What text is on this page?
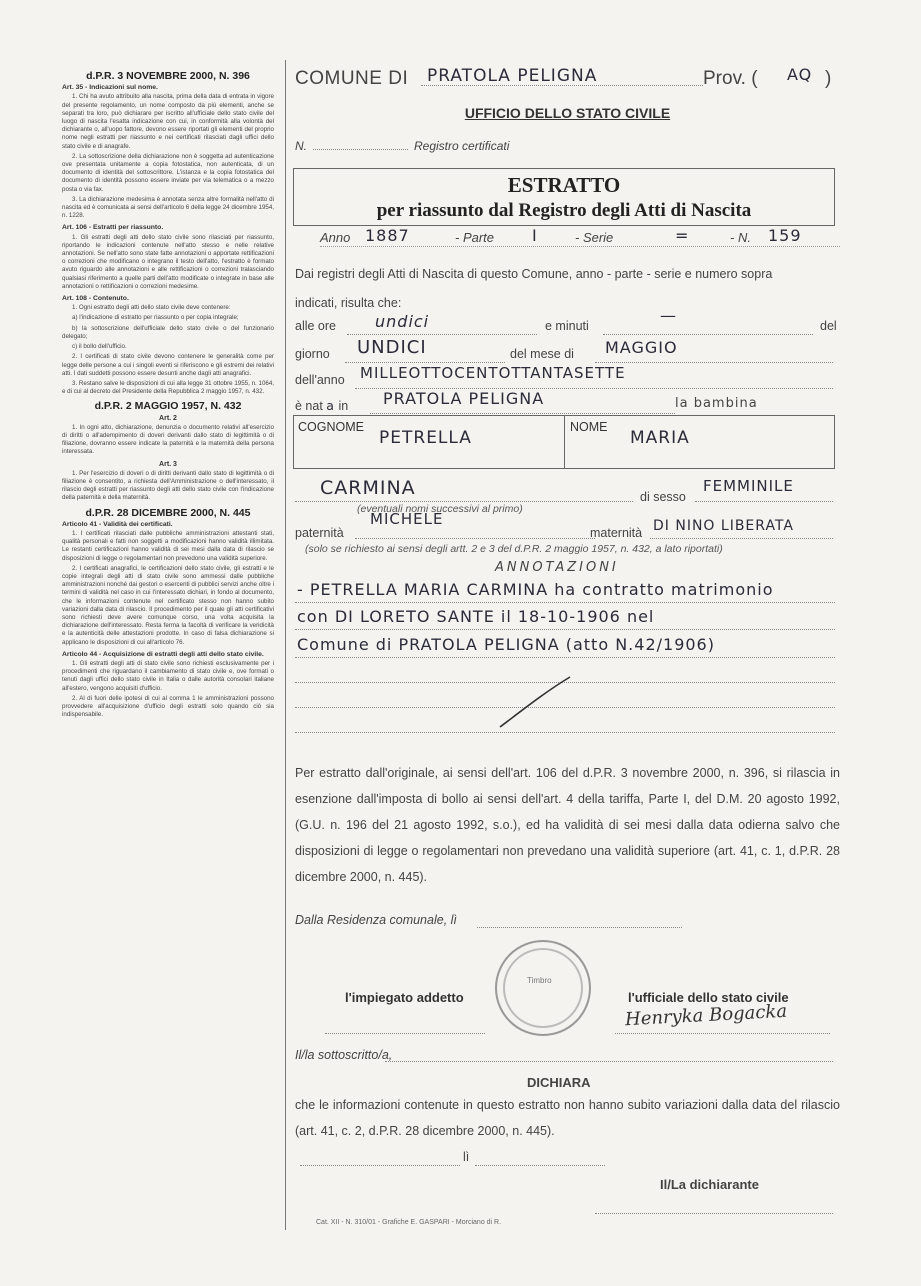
d.P.R. 3 NOVEMBRE 2000, N. 396
Art. 35 - Indicazioni sul nome.

1. Chi ha avuto attribuito alla nascita, prima della data di entrata in vigore del presente regolamento, un nome composto da più elementi, anche se separati tra loro, può dichiarare per iscritto all'ufficiale dello stato civile del luogo di nascita l'esatta indicazione con cui, in conformità alla volontà del dichiarante o, all'uopo fattore, devono essere riportati gli elementi del proprio nome negli estratti per riassunto e nei certificati rilasciati dagli uffici dello stato civile e di anagrafe.

2. La sottoscrizione della dichiarazione non è soggetta ad autenticazione ove presentata unitamente a copia fotostatica, non autenticata, di un documento di identità del sottoscrittore. L'istanza e la copia fotostatica del documento di identità possono essere inviate per via telematica o a mezzo posta o via fax.

3. La dichiarazione medesima è annotata senza altre formalità nell'atto di nascita ed è comunicata ai sensi dell'articolo 6 della legge 24 dicembre 1954, n. 1228.

Art. 106 - Estratti per riassunto.

1. Gli estratti degli atti dello stato civile sono rilasciati per riassunto, riportando le indicazioni contenute nell'atto stesso e nelle relative annotazioni. Se nell'atto sono state fatte annotazioni o apportate rettificazioni o correzioni che modificano o integrano il testo dell'atto, l'estratto è formato avuto riguardo alle annotazioni e alle rettificazioni o correzioni tralasciando qualsiasi riferimento a quelle parti dell'atto modificate o integrate in base alle annotazioni o rettificazioni o correzioni medesime.

Art. 108 - Contenuto.

1. Ogni estratto degli atti dello stato civile deve contenere:

a) l'indicazione di estratto per riassunto o per copia integrale;

b) la sottoscrizione dell'ufficiale dello stato civile o del funzionario delegato;

c) il bollo dell'ufficio.

2. I certificati di stato civile devono contenere le generalità come per legge delle persone a cui i singoli eventi si riferiscono e gli estremi dei relativi atti. I dati suddetti possono essere desunti anche dagli atti anagrafici.

3. Restano salve le disposizioni di cui alla legge 31 ottobre 1955, n. 1064, e di cui al decreto del Presidente della Repubblica 2 maggio 1957, n. 432.

d.P.R. 2 MAGGIO 1957, N. 432
Art. 2

1. In ogni atto, dichiarazione, denunzia o documento relativi all'esercizio di diritti o all'adempimento di doveri derivanti dallo stato di legittimità o di filiazione, dovranno essere indicate la paternità e la maternità della persona interessata.

Art. 3

1. Per l'esercizio di doveri o di diritti derivanti dallo stato di legittimità o di filiazione è consentito, a richiesta dell'Amministrazione o dell'interessato, il rilascio degli estratti per riassunto degli atti dello stato civile con l'indicazione della paternità e della maternità.

d.P.R. 28 DICEMBRE 2000, N. 445
Articolo 41 - Validità dei certificati.

1. I certificati rilasciati dalle pubbliche amministrazioni attestanti stati, qualità personali e fatti non soggetti a modificazioni hanno validità illimitata. Le restanti certificazioni hanno validità di sei mesi dalla data di rilascio se disposizioni di legge o regolamentari non prevedono una validità superiore.

2. I certificati anagrafici, le certificazioni dello stato civile, gli estratti e le copie integrali degli atti di stato civile sono ammessi dalle pubbliche amministrazioni nonché dai gestori o esercenti di pubblici servizi anche oltre i termini di validità nel caso in cui l'interessato dichiari, in fondo al documento, che le informazioni contenute nel certificato stesso non hanno subito variazioni dalla data di rilascio. Il procedimento per il quale gli atti certificativi sono richiesti deve avere comunque corso, una volta acquisita la dichiarazione dell'interessato. Resta ferma la facoltà di verificare la veridicità e la autenticità delle attestazioni prodotte. In caso di falsa dichiarazione si applicano le disposizioni di cui all'articolo 76.

Articolo 44 - Acquisizione di estratti degli atti dello stato civile.

1. Gli estratti degli atti di stato civile sono richiesti esclusivamente per i procedimenti che riguardano il cambiamento di stato civile e, ove formati o tenuti dagli uffici dello stato civile in Italia o dalle autorità consolari italiane all'estero, vengono acquisiti d'ufficio.

2. Al di fuori delle ipotesi di cui al comma 1 le amministrazioni possono provvedere all'acquisizione d'ufficio degli estratti solo quando ciò sia indispensabile.

COMUNE DI PRATOLA PELIGNA	Prov. ( AQ )
UFFICIO DELLO STATO CIVILE
N.	Registro certificati
ESTRATTO
per riassunto dal Registro degli Atti di Nascita
Anno 1887	- Parte I	- Serie	=	- N. 159
Dai registri degli Atti di Nascita di questo Comune, anno - parte - serie e numero sopra
indicati, risulta che:
alle ore undici	e minuti
—
del
giorno UNDICI	del mese di MAGGIO
dell'anno MILLEOTTOCENTOTTANTASETTE
è nat a in PRATOLA PELIGNA	la bambina
COGNOME
PETRELLA
NOME
MARIA
CARMINA	di sesso
FEMMINILE
(eventuali nomi successivi al primo)
paternità
MICHELE
maternità DI NINO LIBERATA
(solo se richiesto ai sensi degli artt. 2 e 3 del d.P.R. 2 maggio 1957, n. 432, a lato riportati)
ANNOTAZIONI
- PETRELLA MARIA CARMINA ha contratto matrimonio
con DI LORETO SANTE il 18-10-1906 nel
Comune di PRATOLA PELIGNA (atto N.42/1906)
Per estratto dall'originale, ai sensi dell'art. 106 del d.P.R. 3 novembre 2000, n. 396, si rilascia in esenzione dall'imposta di bollo ai sensi dell'art. 4 della tariffa, Parte I, del D.M. 20 agosto 1992, (G.U. n. 196 del 21 agosto 1992, s.o.), ed ha validità di sei mesi dalla data odierna salvo che disposizioni di legge o regolamentari non prevedano una validità superiore (art. 41, c. 1, d.P.R. 28 dicembre 2000, n. 445).
Dalla Residenza comunale, lì
Timbro
l'impiegato addetto	l'ufficiale dello stato civile
Henryka Bogacka
Il/la sottoscritto/a,
DICHIARA
che le informazioni contenute in questo estratto non hanno subito variazioni dalla data del rilascio (art. 41, c. 2, d.P.R. 28 dicembre 2000, n. 445).
lì
Il/La dichiarante
Cat. XII - N. 310/01 - Grafiche E. GASPARI - Morciano di R.
